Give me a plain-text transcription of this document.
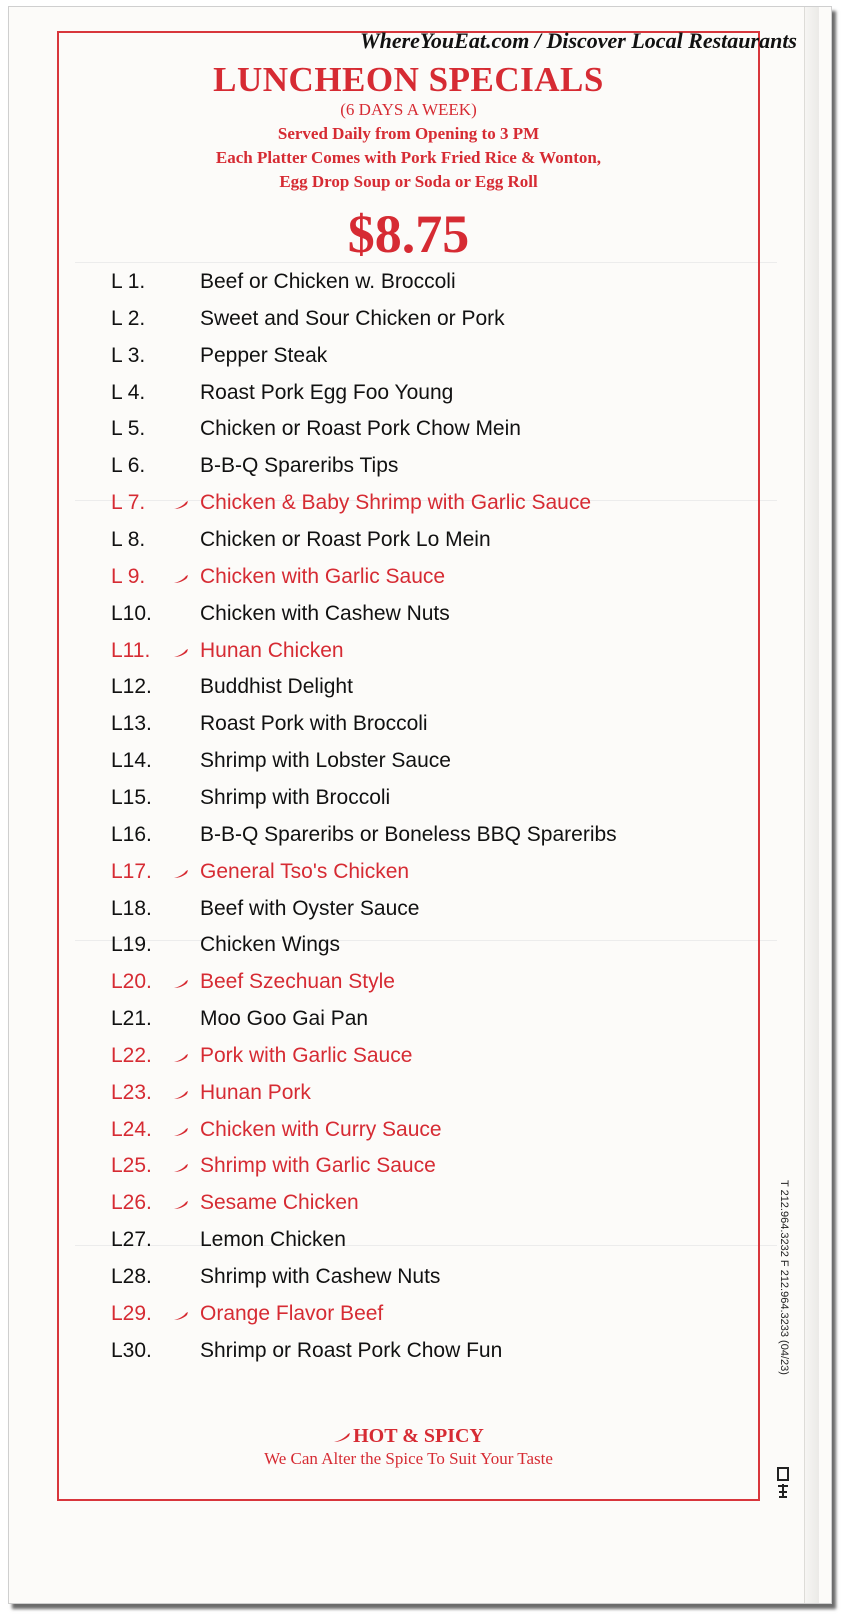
WhereYouEat.com / Discover Local Restaurants
LUNCHEON SPECIALS
(6 DAYS A WEEK)
Served Daily from Opening to 3 PM
Each Platter Comes with Pork Fried Rice & Wonton,
Egg Drop Soup or Soda or Egg Roll
$8.75
L 1.	Beef or Chicken w. Broccoli
L 2.	Sweet and Sour Chicken or Pork
L 3.	Pepper Steak
L 4.	Roast Pork Egg Foo Young
L 5.	Chicken or Roast Pork Chow Mein
L 6.	B-B-Q Spareribs Tips
L 7.	Chicken & Baby Shrimp with Garlic Sauce
L 8.	Chicken or Roast Pork Lo Mein
L 9.	Chicken with Garlic Sauce
L10. Chicken with Cashew Nuts
L11. Hunan Chicken
L12. Buddhist Delight
L13. Roast Pork with Broccoli
L14. Shrimp with Lobster Sauce
L15. Shrimp with Broccoli
L16. B-B-Q Spareribs or Boneless BBQ Spareribs
L17. General Tso's Chicken
L18. Beef with Oyster Sauce
L19. Chicken Wings
L20. Beef Szechuan Style
L21. Moo Goo Gai Pan
L22. Pork with Garlic Sauce
L23. Hunan Pork
L24. Chicken with Curry Sauce
L25. Shrimp with Garlic Sauce
L26. Sesame Chicken
L27. Lemon Chicken
L28. Shrimp with Cashew Nuts
L29. Orange Flavor Beef
L30. Shrimp or Roast Pork Chow Fun
HOT & SPICY
We Can Alter the Spice To Suit Your Taste
T 212.964.3232 F 212.964.3233 (04/23)
